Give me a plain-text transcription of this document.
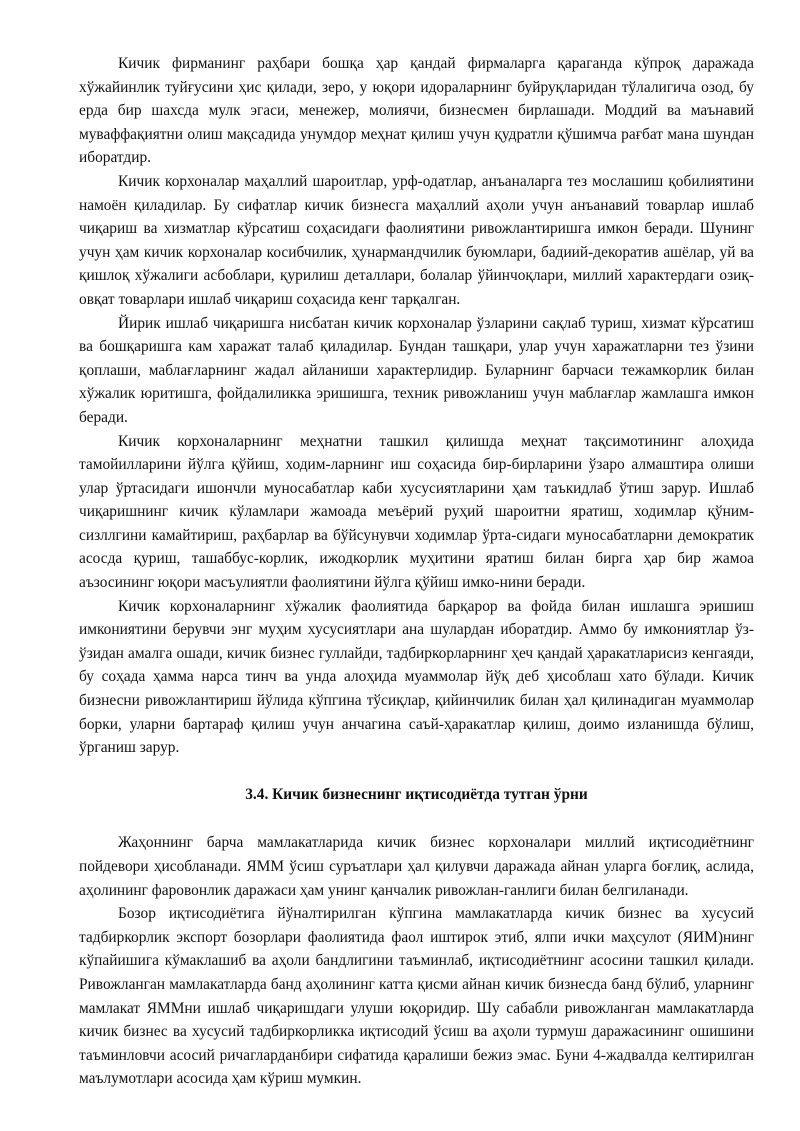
Кичик фирманинг раҳбари бошқа ҳар қандай фирмаларга қараганда кўпроқ даражада хўжайинлик туйғусини ҳис қилади, зеро, у юқори идораларнинг буйруқларидан тўлалигича озод, бу ерда бир шахсда мулк эгаси, менежер, молиячи, бизнесмен бирлашади. Моддий ва маънавий муваффақиятни олиш мақсадида унумдор меҳнат қилиш учун қудратли қўшимча рағбат мана шундан иборатдир.

Кичик корхоналар маҳаллий шароитлар, урф-одатлар, анъаналарга тез мослашиш қобилиятини намоён қиладилар. Бу сифатлар кичик бизнесга маҳаллий аҳоли учун анъанавий товарлар ишлаб чиқариш ва хизматлар кўрсатиш соҳасидаги фаолиятини ривожлантиришга имкон беради. Шунинг учун ҳам кичик корхоналар косибчилик, ҳунармандчилик буюмлари, бадиий-декоратив ашёлар, уй ва қишлоқ хўжалиги асбоблари, қурилиш деталлари, болалар ўйинчоқлари, миллий характердаги озиқ-овқат товарлари ишлаб чиқариш соҳасида кенг тарқалган.

Йирик ишлаб чиқаришга нисбатан кичик корхоналар ўзларини сақлаб туриш, хизмат кўрсатиш ва бошқаришга кам харажат талаб қиладилар. Бундан ташқари, улар учун харажатларни тез ўзини қоплаши, маблағларнинг жадал айланиши характерлидир. Буларнинг барчаси тежамкорлик билан хўжалик юритишга, фойдалиликка эришишга, техник ривожланиш учун маблағлар жамлашга имкон беради.

Кичик корхоналарнинг меҳнатни ташкил қилишда меҳнат тақсимотининг алоҳида тамойилларини йўлга қўйиш, ходим-ларнинг иш соҳасида бир-бирларини ўзаро алмаштира олиши улар ўртасидаги ишончли муносабатлар каби хусусиятларини ҳам таъкидлаб ўтиш зарур. Ишлаб чиқаришнинг кичик кўламлари жамоада меъёрий руҳий шароитни яратиш, ходимлар қўним-сизллгини камайтириш, раҳбарлар ва бўйсунувчи ходимлар ўрта-сидаги муносабатларни демократик асосда қуриш, ташаббус-корлик, ижодкорлик муҳитини яратиш билан бирга ҳар бир жамоа аъзосининг юқори масъулиятли фаолиятини йўлга қўйиш имко-нини беради.

Кичик корхоналарнинг хўжалик фаолиятида барқарор ва фойда билан ишлашга эришиш имкониятини берувчи энг муҳим хусусиятлари ана шулардан иборатдир. Аммо бу имкониятлар ўз-ўзидан амалга ошади, кичик бизнес гуллайди, тадбиркорларнинг ҳеч қандай ҳаракатларисиз кенгаяди, бу соҳада ҳамма нарса тинч ва унда алоҳида муаммолар йўқ деб ҳисоблаш хато бўлади. Кичик бизнесни ривожлантириш йўлида кўпгина тўсиқлар, қийинчилик билан ҳал қилинадиган муаммолар борки, уларни бартараф қилиш учун анчагина саъй-ҳаракатлар қилиш, доимо изланишда бўлиш, ўрганиш зарур.

3.4. Кичик бизнеснинг иқтисодиётда тутган ўрни

Жаҳоннинг барча мамлакатларида кичик бизнес корхоналари миллий иқтисодиётнинг пойдевори ҳисобланади. ЯММ ўсиш суръатлари ҳал қилувчи даражада айнан уларга боғлиқ, аслида, аҳолининг фаровонлик даражаси ҳам унинг қанчалик ривожлан-ганлиги билан белгиланади.

Бозор иқтисодиётига йўналтирилган кўпгина мамлакатларда кичик бизнес ва хусусий тадбиркорлик экспорт бозорлари фаолиятида фаол иштирок этиб, ялпи ички маҳсулот (ЯИМ)нинг кўпайишига кўмаклашиб ва аҳоли бандлигини таъминлаб, иқтисодиётнинг асосини ташкил қилади. Ривожланган мамлакатларда банд аҳолининг катта қисми айнан кичик бизнесда банд бўлиб, уларнинг мамлакат ЯММни ишлаб чиқаришдаги улуши юқоридир. Шу сабабли ривожланган мамлакатларда кичик бизнес ва хусусий тадбиркорликка иқтисодий ўсиш ва аҳоли турмуш даражасининг ошишини таъминловчи асосий ричагларданбири сифатида қаралиши бежиз эмас. Буни 4-жадвалда келтирилган маълумотлари асосида ҳам кўриш мумкин.
